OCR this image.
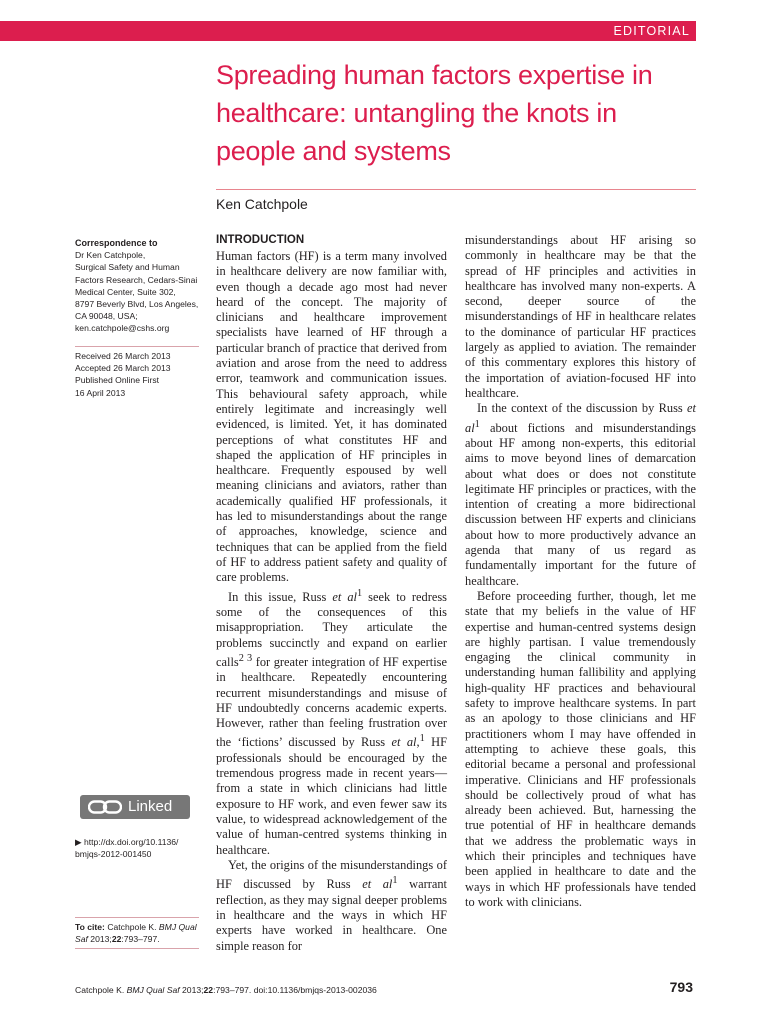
EDITORIAL
Spreading human factors expertise in healthcare: untangling the knots in people and systems
Ken Catchpole
Correspondence to
Dr Ken Catchpole,
Surgical Safety and Human
Factors Research, Cedars-Sinai
Medical Center, Suite 302,
8797 Beverly Blvd, Los Angeles,
CA 90048, USA;
ken.catchpole@cshs.org
Received 26 March 2013
Accepted 26 March 2013
Published Online First
16 April 2013
Linked
▶ http://dx.doi.org/10.1136/
bmjqs-2012-001450
To cite: Catchpole K. BMJ Qual Saf 2013;22:793–797.
INTRODUCTION

Human factors (HF) is a term many involved in healthcare delivery are now familiar with, even though a decade ago most had never heard of the concept. The majority of clinicians and healthcare improvement specialists have learned of HF through a particular branch of practice that derived from aviation and arose from the need to address error, teamwork and communication issues. This behavioural safety approach, while entirely legitimate and increasingly well evidenced, is limited. Yet, it has dominated perceptions of what constitutes HF and shaped the application of HF principles in healthcare. Frequently espoused by well meaning clinicians and aviators, rather than academically qualified HF professionals, it has led to misunderstandings about the range of approaches, knowledge, science and techniques that can be applied from the field of HF to address patient safety and quality of care problems.

In this issue, Russ et $al^1$ seek to redress some of the consequences of this misappropriation. They articulate the problems succinctly and expand on earlier calls$^{2 3}$ for greater integration of HF expertise in healthcare. Repeatedly encountering recurrent misunderstandings and misuse of HF undoubtedly concerns academic experts. However, rather than feeling frustration over the ‘fictions’ discussed by Russ et al,$^1$ HF professionals should be encouraged by the tremendous progress made in recent years—from a state in which clinicians had little exposure to HF work, and even fewer saw its value, to widespread acknowledgement of the value of human-centred systems thinking in healthcare.

Yet, the origins of the misunderstandings of HF discussed by Russ et $al^1$ warrant reflection, as they may signal deeper problems in healthcare and the ways in which HF experts have worked in healthcare. One simple reason for

misunderstandings about HF arising so commonly in healthcare may be that the spread of HF principles and activities in healthcare has involved many non-experts. A second, deeper source of the misunderstandings of HF in healthcare relates to the dominance of particular HF practices largely as applied to aviation. The remainder of this commentary explores this history of the importation of aviation-focused HF into healthcare.

In the context of the discussion by Russ et $al^1$ about fictions and misunderstandings about HF among non-experts, this editorial aims to move beyond lines of demarcation about what does or does not constitute legitimate HF principles or practices, with the intention of creating a more bidirectional discussion between HF experts and clinicians about how to more productively advance an agenda that many of us regard as fundamentally important for the future of healthcare.

Before proceeding further, though, let me state that my beliefs in the value of HF expertise and human-centred systems design are highly partisan. I value tremendously engaging the clinical community in understanding human fallibility and applying high-quality HF practices and behavioural safety to improve healthcare systems. In part as an apology to those clinicians and HF practitioners whom I may have offended in attempting to achieve these goals, this editorial became a personal and professional imperative. Clinicians and HF professionals should be collectively proud of what has already been achieved. But, harnessing the true potential of HF in healthcare demands that we address the problematic ways in which their principles and techniques have been applied in healthcare to date and the ways in which HF professionals have tended to work with clinicians.

Catchpole K. BMJ Qual Saf 2013;22:793–797. doi:10.1136/bmjqs-2013-002036	793
